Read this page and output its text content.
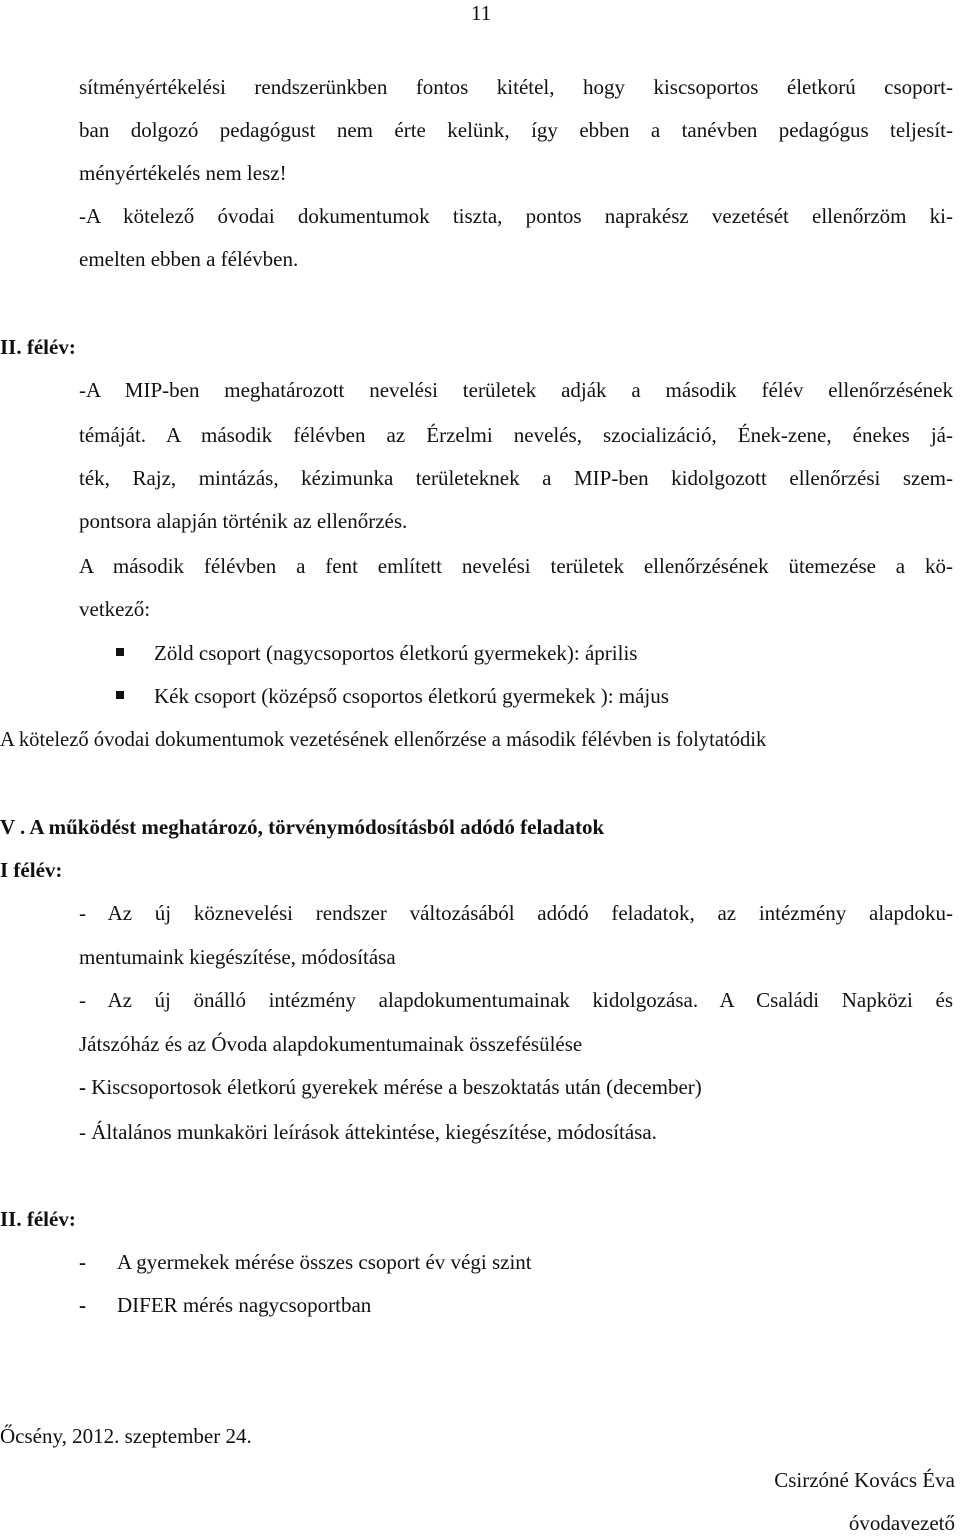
11
sítményértékelési rendszerünkben fontos kitétel, hogy kiscsoportos életkorú csoport-
ban dolgozó pedagógust nem érte kelünk, így ebben a tanévben pedagógus teljesít-
ményértékelés nem lesz!
-A kötelező óvodai dokumentumok tiszta, pontos naprakész vezetését ellenőrzöm ki-
emelten ebben a félévben.
II. félév:
-A MIP-ben meghatározott nevelési területek adják a második félév ellenőrzésének
témáját. A második félévben az Érzelmi nevelés, szocializáció, Ének-zene, énekes já-
ték, Rajz, mintázás, kézimunka területeknek a MIP-ben kidolgozott ellenőrzési szem-
pontsora alapján történik az ellenőrzés.
A második félévben a fent említett nevelési területek ellenőrzésének ütemezése a kö-
vetkező:
Zöld csoport (nagycsoportos életkorú gyermekek): április
Kék csoport (középső csoportos életkorú gyermekek ): május
A kötelező óvodai dokumentumok vezetésének ellenőrzése a második félévben is folytatódik
V . A működést meghatározó, törvénymódosításból adódó feladatok
I félév:
- Az új köznevelési rendszer változásából adódó feladatok, az intézmény alapdoku-
mentumaink kiegészítése, módosítása
- Az új önálló intézmény alapdokumentumainak kidolgozása. A Családi Napközi és
Játszóház és az Óvoda alapdokumentumainak összefésülése
- Kiscsoportosok életkorú gyerekek mérése a beszoktatás után (december)
- Általános munkaköri leírások áttekintése, kiegészítése, módosítása.
II. félév:
- A gyermekek mérése összes csoport év végi szint
- DIFER mérés nagycsoportban
Őcsény, 2012. szeptember 24.
Csirzóné Kovács Éva
óvodavezető
